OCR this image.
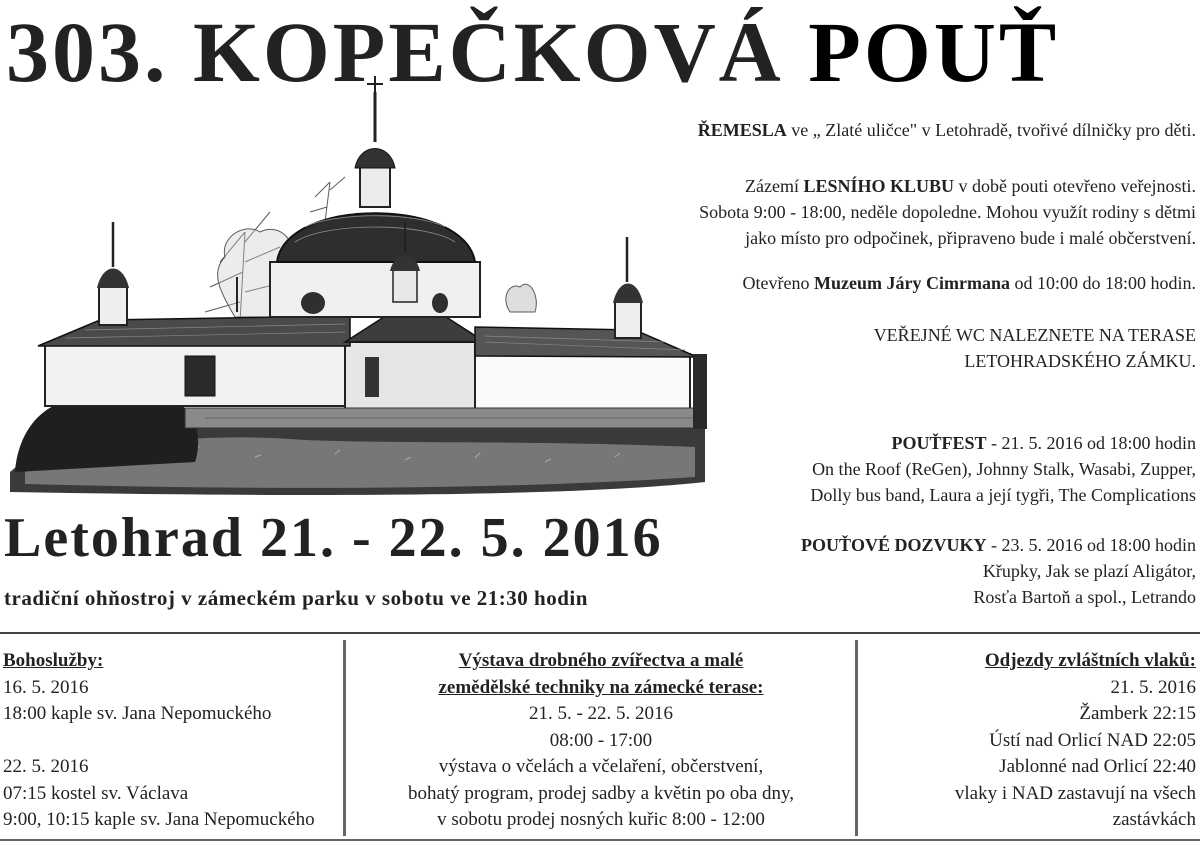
303. KOPEČKOVÁ POUŤ
ŘEMESLA ve „ Zlaté uličce" v Letohradě, tvořivé dílničky pro děti.
Zázemí LESNÍHO KLUBU v době pouti otevřeno veřejnosti.
Sobota 9:00 - 18:00, neděle dopoledne. Mohou využít rodiny s dětmi
jako místo pro odpočinek, připraveno bude i malé občerstvení.
Otevřeno Muzeum Járy Cimrmana od 10:00 do 18:00 hodin.
VEŘEJNÉ WC NALEZNETE NA TERASE
LETOHRADSKÉHO ZÁMKU.
POUŤFEST - 21. 5. 2016 od 18:00 hodin
On the Roof (ReGen), Johnny Stalk, Wasabi, Zupper,
Dolly bus band, Laura a její tygři, The Complications
POUŤOVÉ DOZVUKY - 23. 5. 2016 od 18:00 hodin
Křupky, Jak se plazí Aligátor,
Rosťa Bartoň a spol., Letrando
Letohrad 21. - 22. 5. 2016
tradiční ohňostroj v zámeckém parku v sobotu ve 21:30 hodin
Bohoslužby:
16. 5. 2016
18:00 kaple sv. Jana Nepomuckého
22. 5. 2016
07:15 kostel sv. Václava
9:00, 10:15 kaple sv. Jana Nepomuckého
Výstava drobného zvířectva a malé
zemědělské techniky na zámecké terase:
21. 5. - 22. 5. 2016
08:00 - 17:00
výstava o včelách a včelaření, občerstvení,
bohatý program, prodej sadby a květin po oba dny,
v sobotu prodej nosných kuřic 8:00 - 12:00
Odjezdy zvláštních vlaků:
21. 5. 2016
Žamberk 22:15
Ústí nad Orlicí NAD 22:05
Jablonné nad Orlicí 22:40
vlaky i NAD zastavují na všech
zastávkách
